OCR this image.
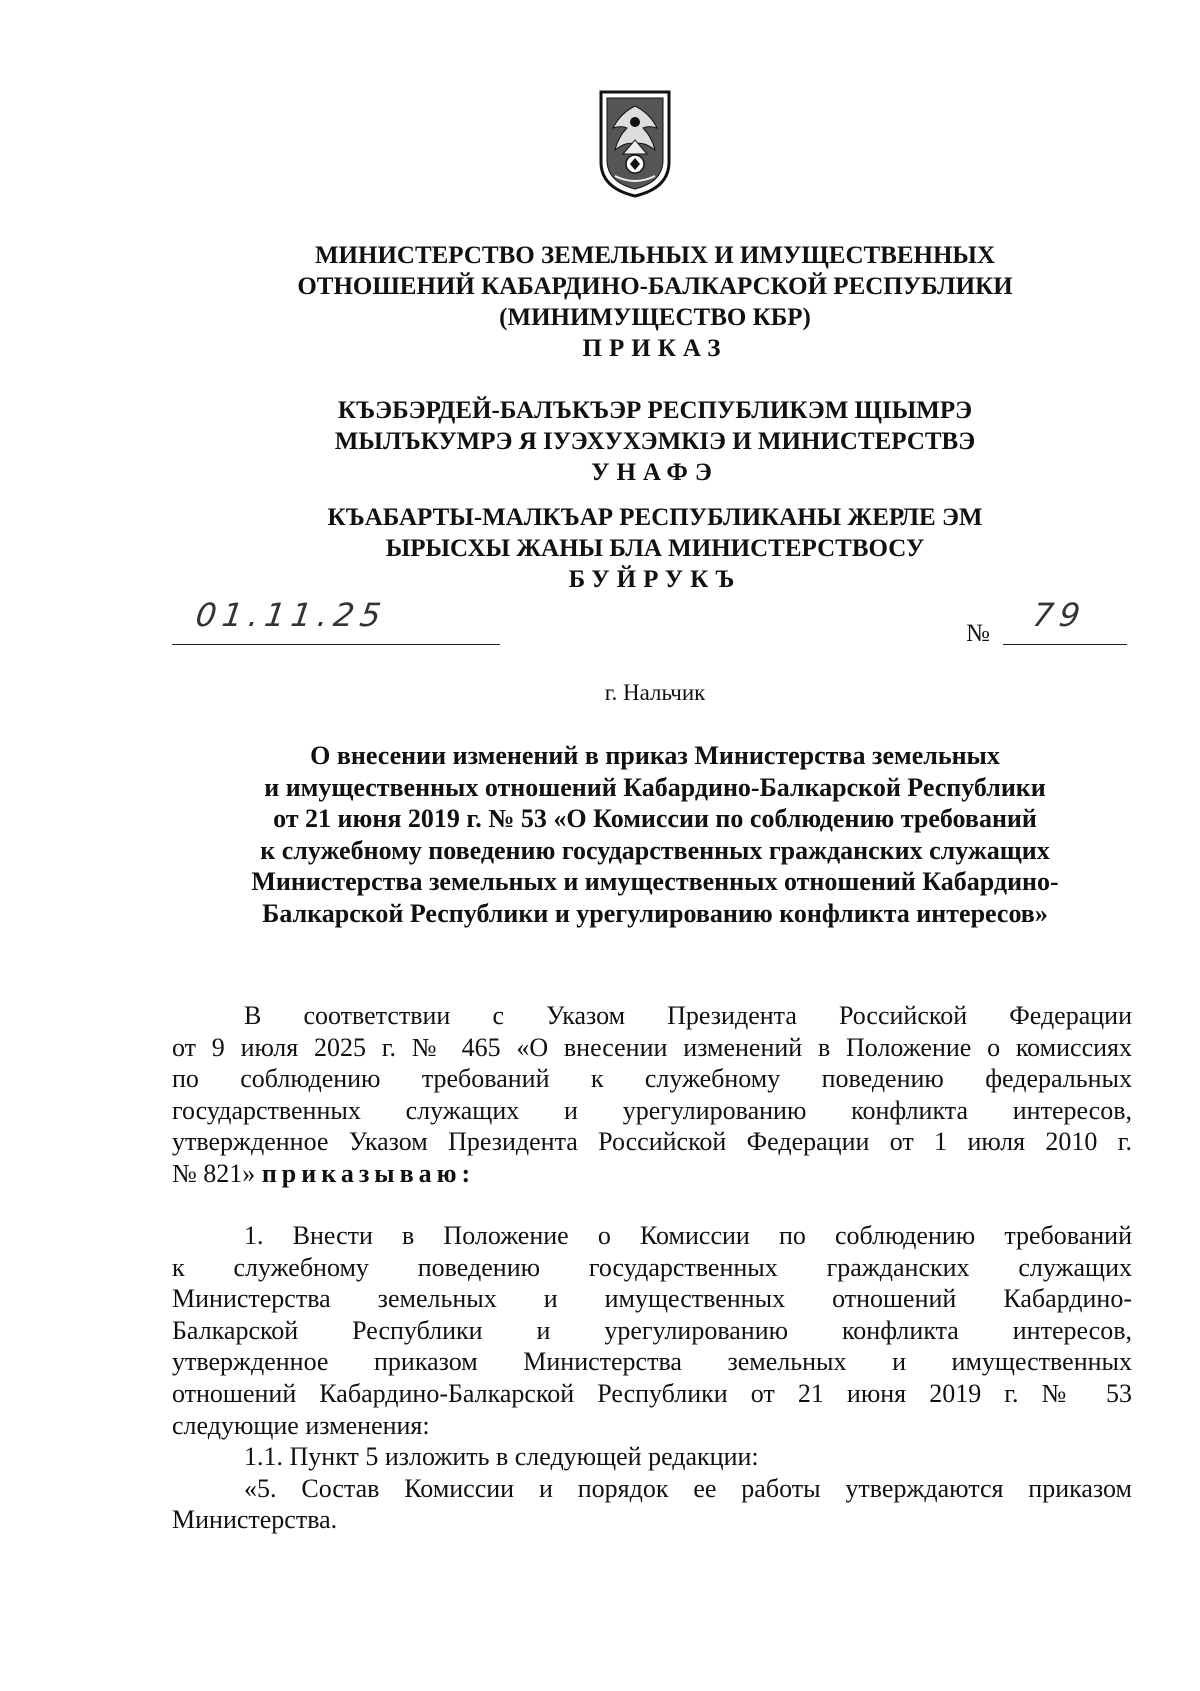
МИНИСТЕРСТВО ЗЕМЕЛЬНЫХ И ИМУЩЕСТВЕННЫХ
ОТНОШЕНИЙ КАБАРДИНО-БАЛКАРСКОЙ РЕСПУБЛИКИ
(МИНИМУЩЕСТВО КБР)
ПРИКАЗ
КЪЭБЭРДЕЙ-БАЛЪКЪЭР РЕСПУБЛИКЭМ ЩIЫМРЭ
МЫЛЪКУМРЭ Я IУЭХУХЭМКIЭ И МИНИСТЕРСТВЭ
УНАФЭ
КЪАБАРТЫ-МАЛКЪАР РЕСПУБЛИКАНЫ ЖЕРЛЕ ЭМ
ЫРЫСХЫ ЖАНЫ БЛА МИНИСТЕРСТВОСУ
БУЙРУКЪ
01.11.25	№ 79
г. Нальчик
О внесении изменений в приказ Министерства земельных
и имущественных отношений Кабардино-Балкарской Республики
от 21 июня 2019 г. № 53 «О Комиссии по соблюдению требований
к служебному поведению государственных гражданских служащих
Министерства земельных и имущественных отношений Кабардино-
Балкарской Республики и урегулированию конфликта интересов»
В соответствии с Указом Президента Российской Федерации
от 9 июля 2025 г. № 465 «О внесении изменений в Положение о комиссиях
по соблюдению требований к служебному поведению федеральных
государственных служащих и урегулированию конфликта интересов,
утвержденное Указом Президента Российской Федерации от 1 июля 2010 г.
№ 821» приказываю:
1. Внести в Положение о Комиссии по соблюдению требований
к служебному поведению государственных гражданских служащих
Министерства земельных и имущественных отношений Кабардино-
Балкарской Республики и урегулированию конфликта интересов,
утвержденное приказом Министерства земельных и имущественных
отношений Кабардино-Балкарской Республики от 21 июня 2019 г. № 53
следующие изменения:
1.1. Пункт 5 изложить в следующей редакции:
«5. Состав Комиссии и порядок ее работы утверждаются приказом
Министерства.
